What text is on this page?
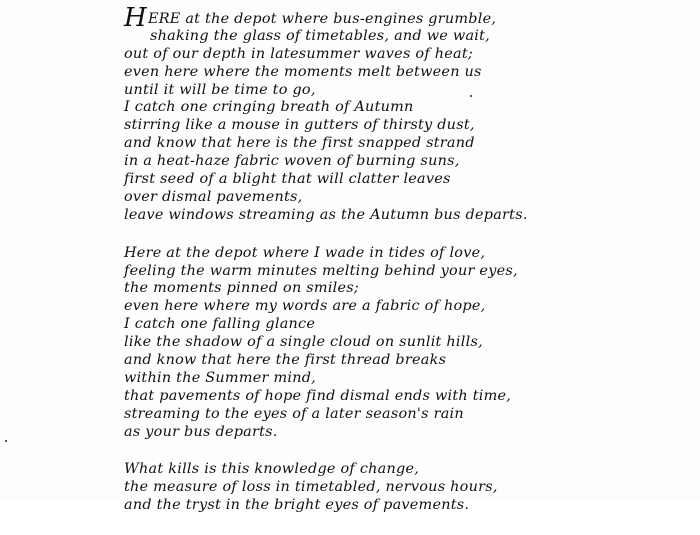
HERE at the depot where bus-engines grumble,
shaking the glass of timetables, and we wait,
out of our depth in latesummer waves of heat;
even here where the moments melt between us
until it will be time to go,
I catch one cringing breath of Autumn
stirring like a mouse in gutters of thirsty dust,
and know that here is the first snapped strand
in a heat-haze fabric woven of burning suns,
first seed of a blight that will clatter leaves
over dismal pavements,
leave windows streaming as the Autumn bus departs.
Here at the depot where I wade in tides of love,
feeling the warm minutes melting behind your eyes,
the moments pinned on smiles;
even here where my words are a fabric of hope,
I catch one falling glance
like the shadow of a single cloud on sunlit hills,
and know that here the first thread breaks
within the Summer mind,
that pavements of hope find dismal ends with time,
streaming to the eyes of a later season's rain
as your bus departs.
What kills is this knowledge of change,
the measure of loss in timetabled, nervous hours,
and the tryst in the bright eyes of pavements.
